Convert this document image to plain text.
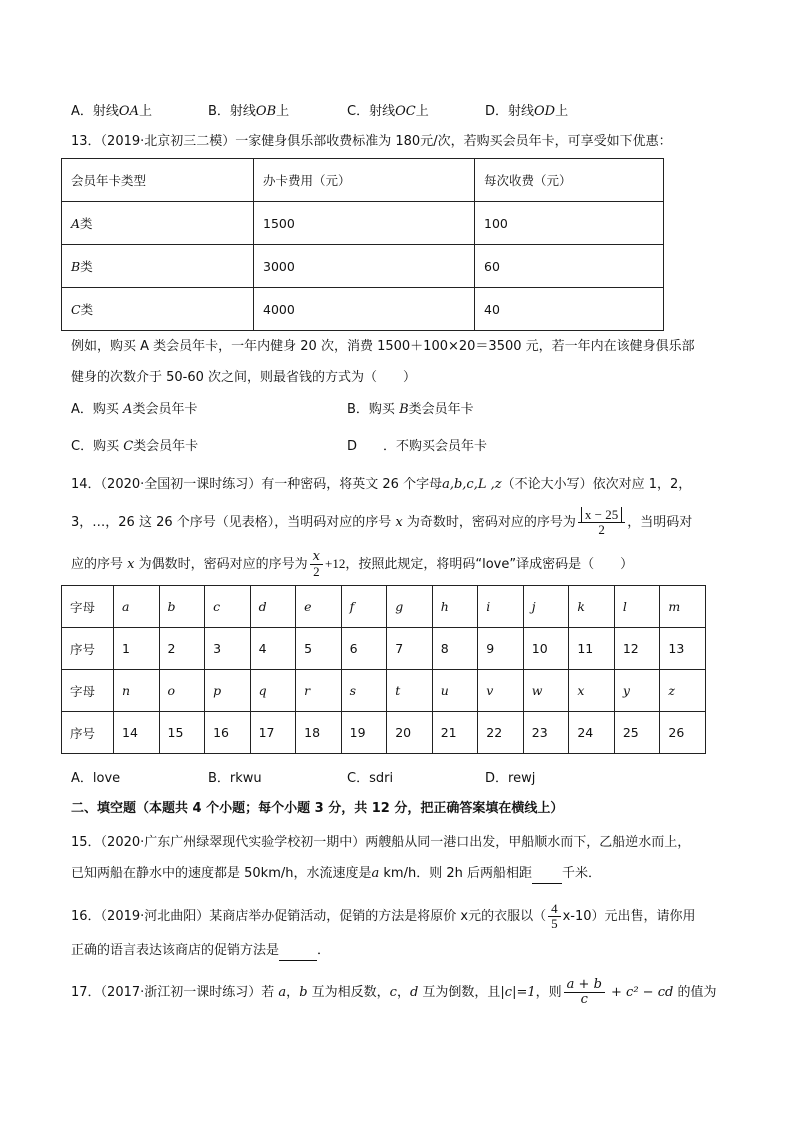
A．射线OA上	B．射线OB上	C．射线OC上	D．射线OD上
13．（2019·北京初三二模）一家健身俱乐部收费标准为 180元/次，若购买会员年卡，可享受如下优惠：
会员年卡类型	办卡费用（元）	每次收费（元）
A类	1500	100
B类	3000	60
C类	4000	40
例如，购买 A 类会员年卡，一年内健身 20 次，消费 1500＋100×20＝3500 元，若一年内在该健身俱乐部
健身的次数介于 50-60 次之间，则最省钱的方式为（　　）
A．购买 A类会员年卡	B．购买 B类会员年卡
C．购买 C类会员年卡	D　　．不购买会员年卡
14．（2020·全国初一课时练习）有一种密码，将英文 26 个字母a,b,c,L ,z（不论大小写）依次对应 1，2，
3，…，26 这 26 个序号（见表格），当明码对应的序号 x 为奇数时，密码对应的序号为 $\frac{x - 25}{2}$ ，当明码对
应的序号 x 为偶数时，密码对应的序号为 $\frac{x}{2} +12$，按照此规定，将明码“love”译成密码是（　　）
字母	a	b	c	d	e	f	g	h	i	j	k	l	m
序号	1	2	3	4	5	6	7	8	9	10	11	12	13
字母	n	o	p	q	r	s	t	u	v	w	x	y	z
序号	14	15	16	17	18	19	20	21	22	23	24	25	26
A．love	B．rkwu	C．sdri	D．rewj
二、填空题（本题共 4 个小题；每个小题 3 分，共 12 分，把正确答案填在横线上）
15．（2020·广东广州绿翠现代实验学校初一期中）两艘船从同一港口出发，甲船顺水而下，乙船逆水而上，
已知两船在静水中的速度都是 50km/h，水流速度是a km/h．则 2h 后两船相距 千米．
16．（2019·河北曲阳）某商店举办促销活动，促销的方法是将原价 x元的衣服以（ $\frac{4}{5} x-10$）元出售，请你用
正确的语言表达该商店的促销方法是	．
17．（2017·浙江初一课时练习）若 a，b 互为相反数，c，d 互为倒数，且|c|=1，则 $\frac{a + b}{c} + c^2$ − cd 的值为
